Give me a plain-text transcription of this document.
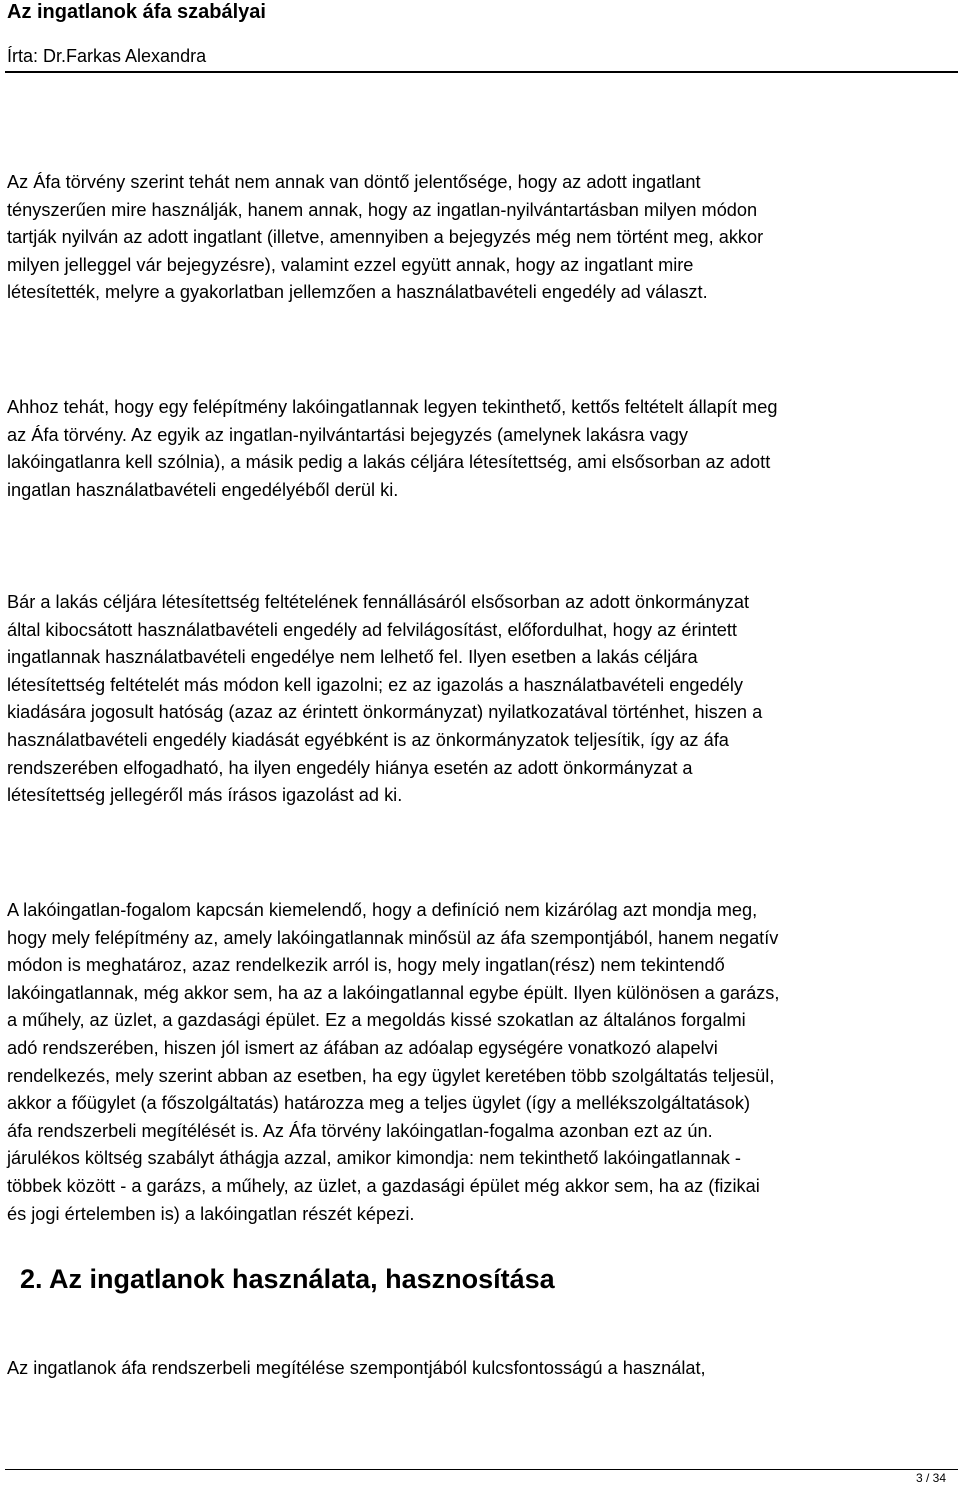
Az ingatlanok áfa szabályai
Írta: Dr.Farkas Alexandra

Az Áfa törvény szerint tehát nem annak van döntő jelentősége, hogy az adott ingatlant
tényszerűen mire használják, hanem annak, hogy az ingatlan-nyilvántartásban milyen módon
tartják nyilván az adott ingatlant (illetve, amennyiben a bejegyzés még nem történt meg, akkor
milyen jelleggel vár bejegyzésre), valamint ezzel együtt annak, hogy az ingatlant mire
létesítették, melyre a gyakorlatban jellemzően a használatbavételi engedély ad választ.

Ahhoz tehát, hogy egy felépítmény lakóingatlannak legyen tekinthető, kettős feltételt állapít meg
az Áfa törvény. Az egyik az ingatlan-nyilvántartási bejegyzés (amelynek lakásra vagy
lakóingatlanra kell szólnia), a másik pedig a lakás céljára létesítettség, ami elsősorban az adott
ingatlan használatbavételi engedélyéből derül ki.

Bár a lakás céljára létesítettség feltételének fennállásáról elsősorban az adott önkormányzat
által kibocsátott használatbavételi engedély ad felvilágosítást, előfordulhat, hogy az érintett
ingatlannak használatbavételi engedélye nem lelhető fel. Ilyen esetben a lakás céljára
létesítettség feltételét más módon kell igazolni; ez az igazolás a használatbavételi engedély
kiadására jogosult hatóság (azaz az érintett önkormányzat) nyilatkozatával történhet, hiszen a
használatbavételi engedély kiadását egyébként is az önkormányzatok teljesítik, így az áfa
rendszerében elfogadható, ha ilyen engedély hiánya esetén az adott önkormányzat a
létesítettség jellegéről más írásos igazolást ad ki.

A lakóingatlan-fogalom kapcsán kiemelendő, hogy a definíció nem kizárólag azt mondja meg,
hogy mely felépítmény az, amely lakóingatlannak minősül az áfa szempontjából, hanem negatív
módon is meghatároz, azaz rendelkezik arról is, hogy mely ingatlan(rész) nem tekintendő
lakóingatlannak, még akkor sem, ha az a lakóingatlannal egybe épült. Ilyen különösen a garázs,
a műhely, az üzlet, a gazdasági épület. Ez a megoldás kissé szokatlan az általános forgalmi
adó rendszerében, hiszen jól ismert az áfában az adóalap egységére vonatkozó alapelvi
rendelkezés, mely szerint abban az esetben, ha egy ügylet keretében több szolgáltatás teljesül,
akkor a főügylet (a főszolgáltatás) határozza meg a teljes ügylet (így a mellékszolgáltatások)
áfa rendszerbeli megítélését is. Az Áfa törvény lakóingatlan-fogalma azonban ezt az ún.
járulékos költség szabályt áthágja azzal, amikor kimondja: nem tekinthető lakóingatlannak -
többek között - a garázs, a műhely, az üzlet, a gazdasági épület még akkor sem, ha az (fizikai
és jogi értelemben is) a lakóingatlan részét képezi.

2. Az ingatlanok használata, hasznosítása

Az ingatlanok áfa rendszerbeli megítélése szempontjából kulcsfontosságú a használat,

3 / 34
